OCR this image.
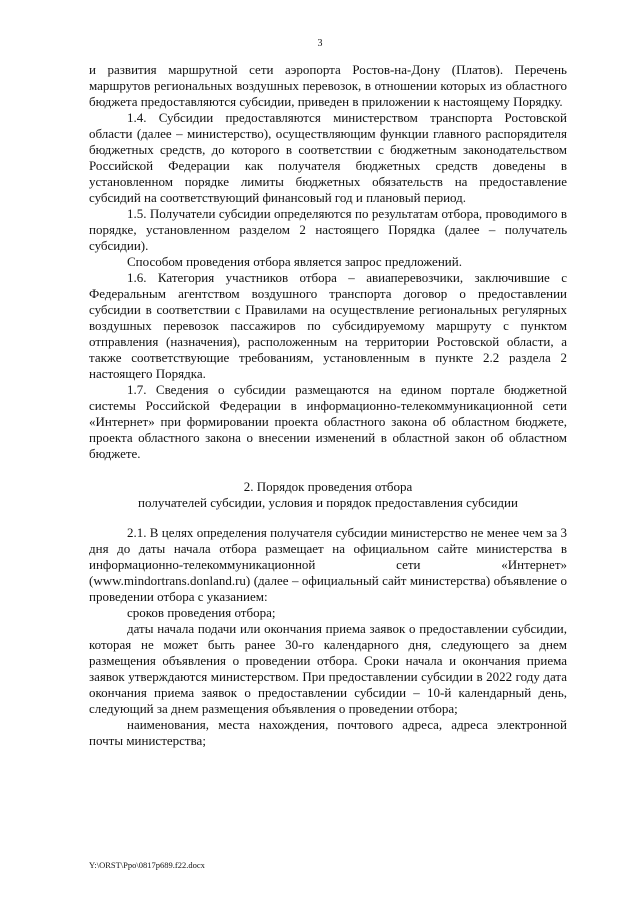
3

и развития маршрутной сети аэропорта Ростов-на-Дону (Платов). Перечень маршрутов региональных воздушных перевозок, в отношении которых из областного бюджета предоставляются субсидии, приведен в приложении к настоящему Порядку.

1.4. Субсидии предоставляются министерством транспорта Ростовской области (далее – министерство), осуществляющим функции главного распорядителя бюджетных средств, до которого в соответствии с бюджетным законодательством Российской Федерации как получателя бюджетных средств доведены в установленном порядке лимиты бюджетных обязательств на предоставление субсидий на соответствующий финансовый год и плановый период.

1.5. Получатели субсидии определяются по результатам отбора, проводимого в порядке, установленном разделом 2 настоящего Порядка (далее – получатель субсидии).

Способом проведения отбора является запрос предложений.

1.6. Категория участников отбора – авиаперевозчики, заключившие с Федеральным агентством воздушного транспорта договор о предоставлении субсидии в соответствии с Правилами на осуществление региональных регулярных воздушных перевозок пассажиров по субсидируемому маршруту с пунктом отправления (назначения), расположенным на территории Ростовской области, а также соответствующие требованиям, установленным в пункте 2.2 раздела 2 настоящего Порядка.

1.7. Сведения о субсидии размещаются на едином портале бюджетной системы Российской Федерации в информационно-телекоммуникационной сети «Интернет» при формировании проекта областного закона об областном бюджете, проекта областного закона о внесении изменений в областной закон об областном бюджете.

2. Порядок проведения отбора

получателей субсидии, условия и порядок предоставления субсидии

2.1. В целях определения получателя субсидии министерство не менее чем за 3 дня до даты начала отбора размещает на официальном сайте министерства в информационно-телекоммуникационной сети «Интернет» (www.mindortrans.donland.ru) (далее – официальный сайт министерства) объявление о проведении отбора с указанием:

сроков проведения отбора;

даты начала подачи или окончания приема заявок о предоставлении субсидии, которая не может быть ранее 30-го календарного дня, следующего за днем размещения объявления о проведении отбора. Сроки начала и окончания приема заявок утверждаются министерством. При предоставлении субсидии в 2022 году дата окончания приема заявок о предоставлении субсидии – 10-й календарный день, следующий за днем размещения объявления о проведении отбора;

наименования, места нахождения, почтового адреса, адреса электронной почты министерства;

Y:\ORST\Ppo\0817p689.f22.docx
